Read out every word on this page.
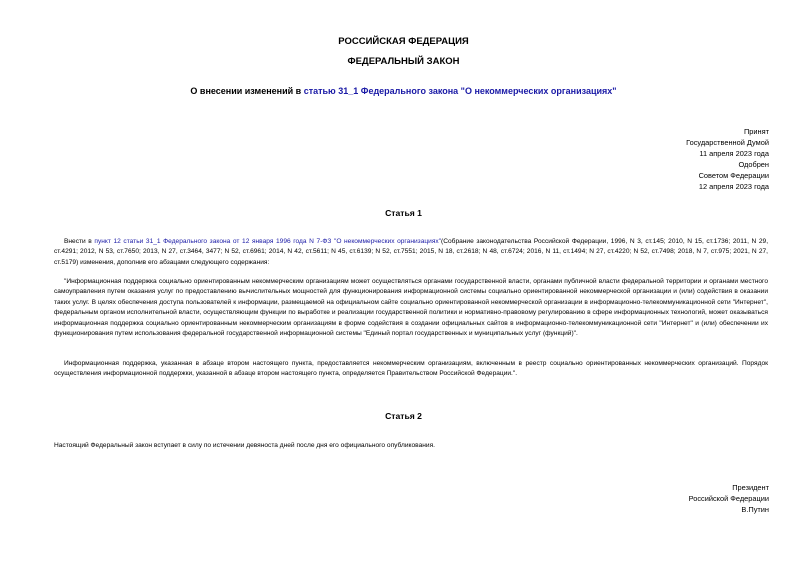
РОССИЙСКАЯ ФЕДЕРАЦИЯ
ФЕДЕРАЛЬНЫЙ ЗАКОН
О внесении изменений в статью 31_1 Федерального закона "О некоммерческих организациях"
Принят
Государственной Думой
11 апреля 2023 года
Одобрен
Советом Федерации
12 апреля 2023 года
Статья 1

Внести в пункт 12 статьи 31_1 Федерального закона от 12 января 1996 года N 7-ФЗ "О некоммерческих организациях"(Собрание законодательства Российской Федерации, 1996, N 3, ст.145; 2010, N 15, ст.1736; 2011, N 29, ст.4291; 2012, N 53, ст.7650; 2013, N 27, ст.3464, 3477; N 52, ст.6961; 2014, N 42, ст.5611; N 45, ст.6139; N 52, ст.7551; 2015, N 18, ст.2618; N 48, ст.6724; 2016, N 11, ст.1494; N 27, ст.4220; N 52, ст.7498; 2018, N 7, ст.975; 2021, N 27, ст.5179) изменения, дополнив его абзацами следующего содержания:

"Информационная поддержка социально ориентированным некоммерческим организациям может осуществляться органами государственной власти, органами публичной власти федеральной территории и органами местного самоуправления путем оказания услуг по предоставлению вычислительных мощностей для функционирования информационной системы социально ориентированной некоммерческой организации и (или) содействия в оказании таких услуг. В целях обеспечения доступа пользователей к информации, размещаемой на официальном сайте социально ориентированной некоммерческой организации в информационно-телекоммуникационной сети "Интернет", федеральным органом исполнительной власти, осуществляющим функции по выработке и реализации государственной политики и нормативно-правовому регулированию в сфере информационных технологий, может оказываться информационная поддержка социально ориентированным некоммерческим организациям в форме содействия в создании официальных сайтов в информационно-телекоммуникационной сети "Интернет" и (или) обеспечении их функционирования путем использования федеральной государственной информационной системы "Единый портал государственных и муниципальных услуг (функций)".

Информационная поддержка, указанная в абзаце втором настоящего пункта, предоставляется некоммерческим организациям, включенным в реестр социально ориентированных некоммерческих организаций. Порядок осуществления информационной поддержки, указанной в абзаце втором настоящего пункта, определяется Правительством Российской Федерации.".

Статья 2

Настоящий Федеральный закон вступает в силу по истечении девяноста дней после дня его официального опубликования.

Президент
Российской Федерации
В.Путин
